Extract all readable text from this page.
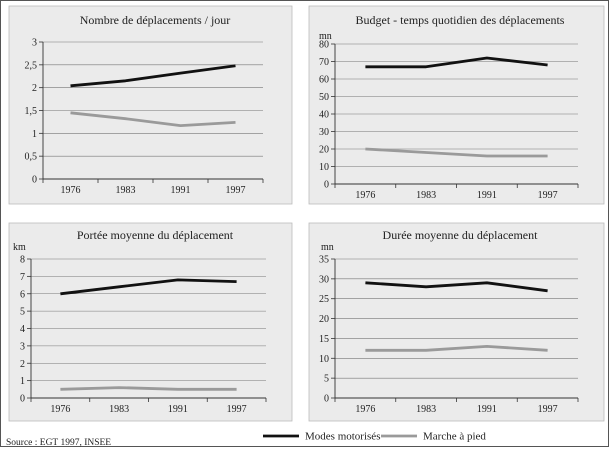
Nombre de déplacements / jour
0
0,5
1
1,5
2
2,5
3
1976	1983	1991	1997
Budget - temps quotidien des déplacements
mn
0
10
20
30
40
50
60
70
80
1976	1983	1991	1997
Portée moyenne du déplacement
km
0
1
2
3
4
5
6
7
8
1976	1983	1991	1997
Durée moyenne du déplacement
mn
0
5
10
15
20
25
30
35
1976	1983	1991	1997
Modes motorisés	Marche à pied
Source : EGT 1997, INSEE
